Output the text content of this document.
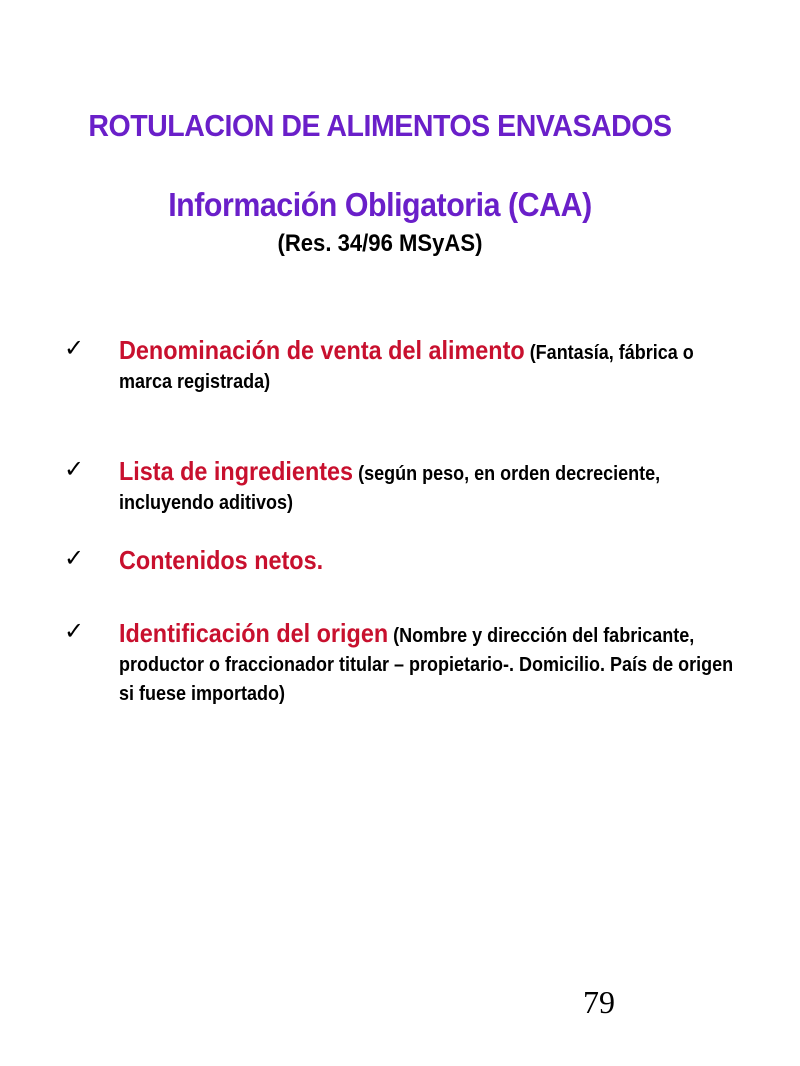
ROTULACION DE ALIMENTOS ENVASADOS
Información Obligatoria (CAA)
(Res. 34/96 MSyAS)
✓ Denominación de venta del alimento (Fantasía, fábrica o marca registrada)
✓ Lista de ingredientes (según peso, en orden decreciente, incluyendo aditivos)
✓ Contenidos netos.
✓ Identificación del origen (Nombre y dirección del fabricante, productor o fraccionador titular – propietario-. Domicilio. País de origen si fuese importado)
79
